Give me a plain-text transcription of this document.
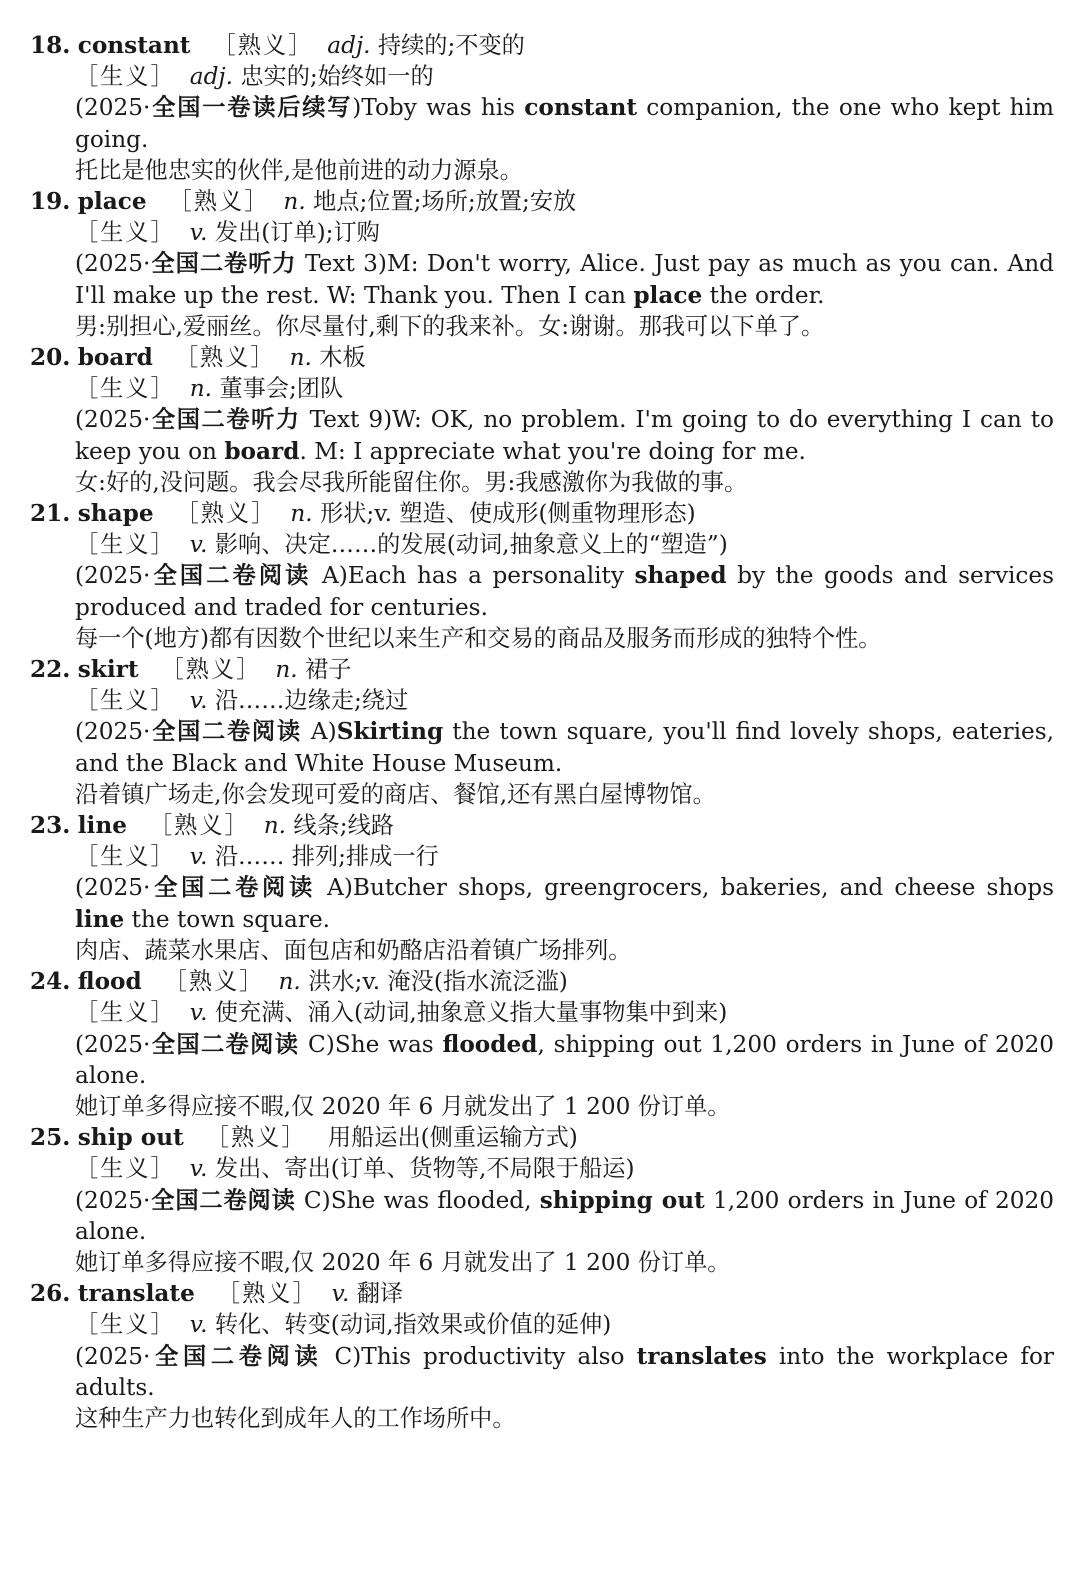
18. constant ［熟义］ adj. 持续的;不变的
［生义］ adj. 忠实的;始终如一的
(2025·全国一卷读后续写)Toby was his constant companion, the one who kept him going.
托比是他忠实的伙伴,是他前进的动力源泉。
19. place ［熟义］ n. 地点;位置;场所;放置;安放
［生义］ v. 发出(订单);订购
(2025·全国二卷听力 Text 3)M: Don't worry, Alice. Just pay as much as you can. And I'll make up the rest. W: Thank you. Then I can place the order.
男:别担心,爱丽丝。你尽量付,剩下的我来补。女:谢谢。那我可以下单了。
20. board ［熟义］ n. 木板
［生义］ n. 董事会;团队
(2025·全国二卷听力 Text 9)W: OK, no problem. I'm going to do everything I can to keep you on board. M: I appreciate what you're doing for me.
女:好的,没问题。我会尽我所能留住你。男:我感激你为我做的事。
21. shape ［熟义］ n. 形状;v. 塑造、使成形(侧重物理形态)
［生义］ v. 影响、决定……的发展(动词,抽象意义上的“塑造”)
(2025·全国二卷阅读 A)Each has a personality shaped by the goods and services produced and traded for centuries.
每一个(地方)都有因数个世纪以来生产和交易的商品及服务而形成的独特个性。
22. skirt ［熟义］ n. 裙子
［生义］ v. 沿……边缘走;绕过
(2025·全国二卷阅读 A)Skirting the town square, you'll find lovely shops, eateries, and the Black and White House Museum.
沿着镇广场走,你会发现可爱的商店、餐馆,还有黑白屋博物馆。
23. line ［熟义］ n. 线条;线路
［生义］ v. 沿…… 排列;排成一行
(2025·全国二卷阅读 A)Butcher shops, greengrocers, bakeries, and cheese shops line the town square.
肉店、蔬菜水果店、面包店和奶酪店沿着镇广场排列。
24. flood ［熟义］ n. 洪水;v. 淹没(指水流泛滥)
［生义］ v. 使充满、涌入(动词,抽象意义指大量事物集中到来)
(2025·全国二卷阅读 C)She was flooded, shipping out 1,200 orders in June of 2020 alone.
她订单多得应接不暇,仅 2020 年 6 月就发出了 1 200 份订单。
25. ship out ［熟义］ 用船运出(侧重运输方式)
［生义］ v. 发出、寄出(订单、货物等,不局限于船运)
(2025·全国二卷阅读 C)She was flooded, shipping out 1,200 orders in June of 2020 alone.
她订单多得应接不暇,仅 2020 年 6 月就发出了 1 200 份订单。
26. translate ［熟义］ v. 翻译
［生义］ v. 转化、转变(动词,指效果或价值的延伸)
(2025·全国二卷阅读 C)This productivity also translates into the workplace for adults.
这种生产力也转化到成年人的工作场所中。
